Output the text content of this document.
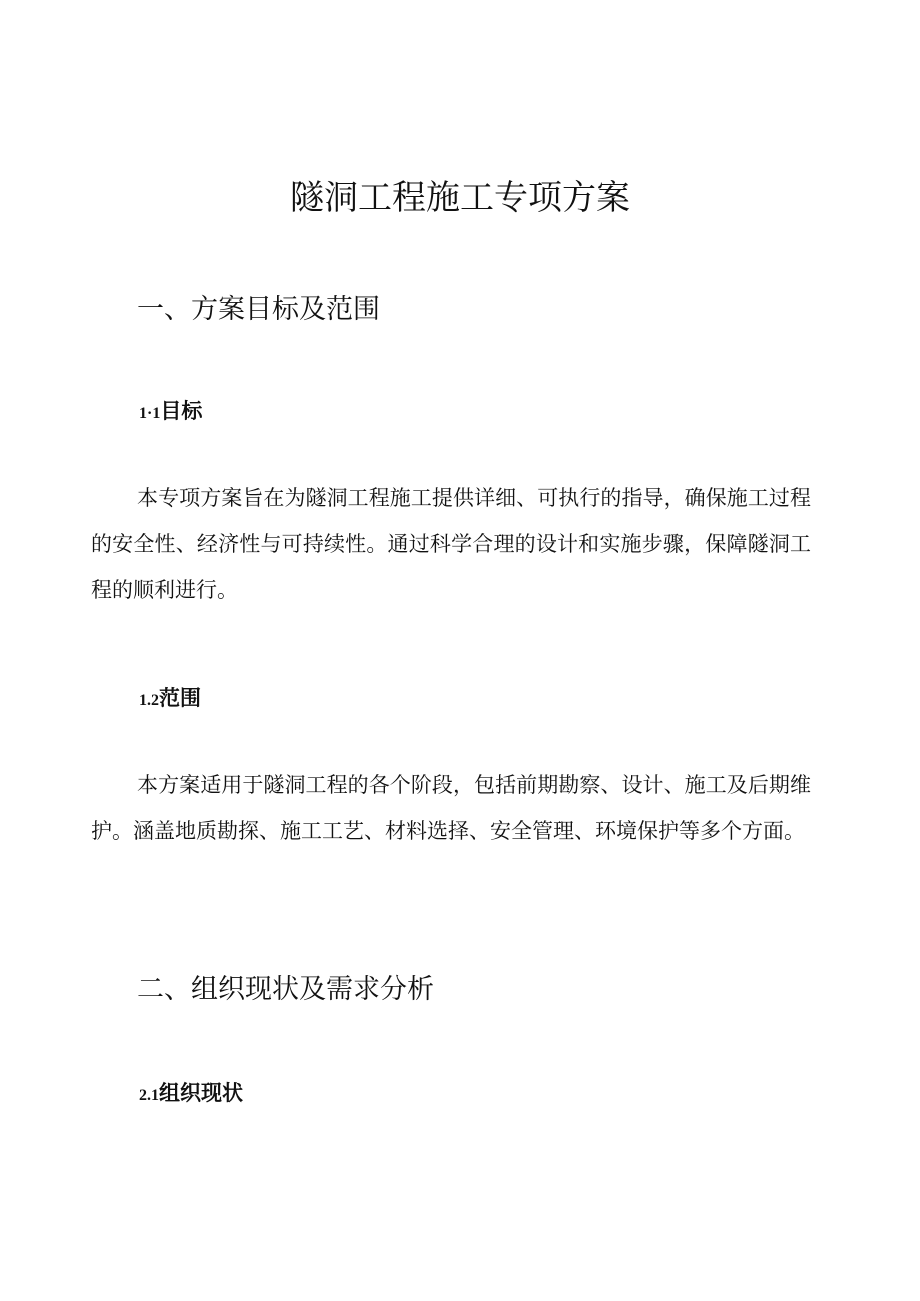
隧洞工程施工专项方案
一、方案目标及范围
1·1目标

本专项方案旨在为隧洞工程施工提供详细、可执行的指导，确保施工过程的安全性、经济性与可持续性。通过科学合理的设计和实施步骤，保障隧洞工程的顺利进行。

1.2范围

本方案适用于隧洞工程的各个阶段，包括前期勘察、设计、施工及后期维护。涵盖地质勘探、施工工艺、材料选择、安全管理、环境保护等多个方面。

二、组织现状及需求分析
2.1组织现状
